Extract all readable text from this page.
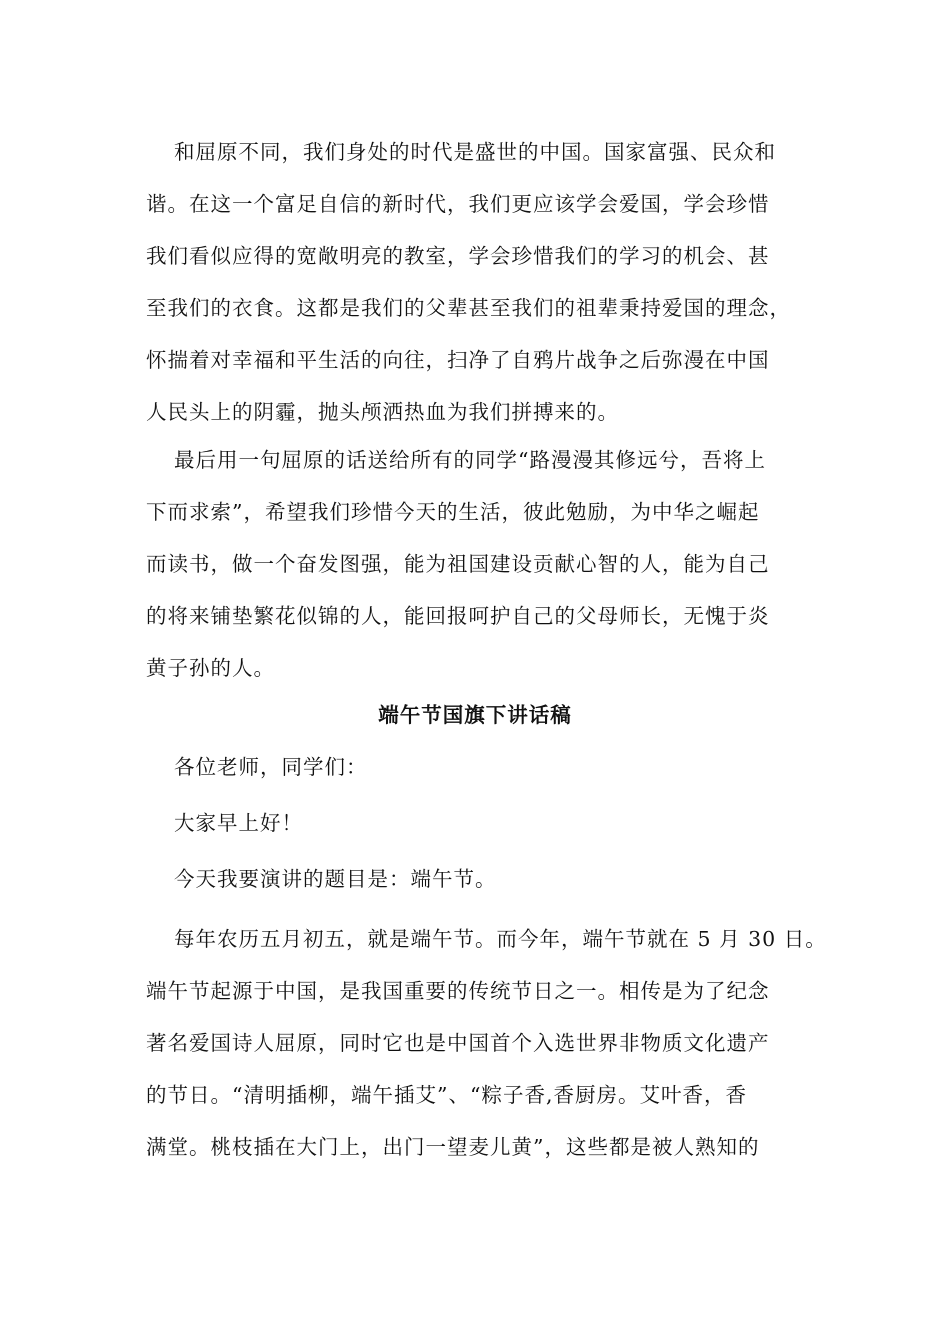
和屈原不同，我们身处的时代是盛世的中国。国家富强、民众和
谐。在这一个富足自信的新时代，我们更应该学会爱国，学会珍惜
我们看似应得的宽敞明亮的教室，学会珍惜我们的学习的机会、甚
至我们的衣食。这都是我们的父辈甚至我们的祖辈秉持爱国的理念，
怀揣着对幸福和平生活的向往，扫净了自鸦片战争之后弥漫在中国
人民头上的阴霾，抛头颅洒热血为我们拼搏来的。
最后用一句屈原的话送给所有的同学“路漫漫其修远兮，吾将上
下而求索”，希望我们珍惜今天的生活，彼此勉励，为中华之崛起
而读书，做一个奋发图强，能为祖国建设贡献心智的人，能为自己
的将来铺垫繁花似锦的人，能回报呵护自己的父母师长，无愧于炎
黄子孙的人。
端午节国旗下讲话稿
各位老师，同学们：
大家早上好！
今天我要演讲的题目是：端午节。
每年农历五月初五，就是端午节。而今年，端午节就在 5 月 30 日。
端午节起源于中国，是我国重要的传统节日之一。相传是为了纪念
著名爱国诗人屈原，同时它也是中国首个入选世界非物质文化遗产
的节日。“清明插柳，端午插艾”、“粽子香,香厨房。艾叶香，香
满堂。桃枝插在大门上，出门一望麦儿黄”，这些都是被人熟知的
